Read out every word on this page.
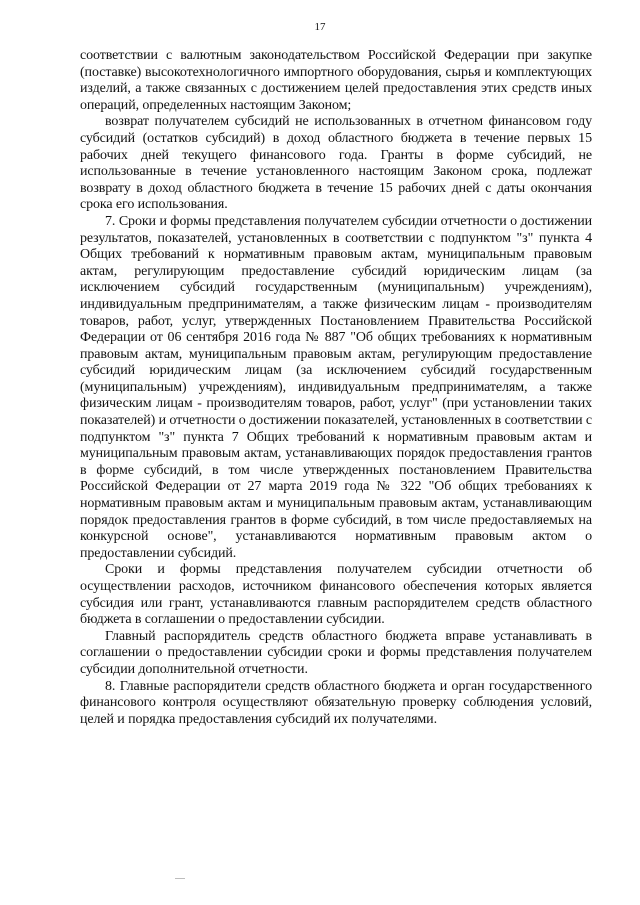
17

соответствии с валютным законодательством Российской Федерации при закупке (поставке) высокотехнологичного импортного оборудования, сырья и комплектующих изделий, а также связанных с достижением целей предоставления этих средств иных операций, определенных настоящим Законом;

возврат получателем субсидий не использованных в отчетном финансовом году субсидий (остатков субсидий) в доход областного бюджета в течение первых 15 рабочих дней текущего финансового года. Гранты в форме субсидий, не использованные в течение установленного настоящим Законом срока, подлежат возврату в доход областного бюджета в течение 15 рабочих дней с даты окончания срока его использования.

7. Сроки и формы представления получателем субсидии отчетности о достижении результатов, показателей, установленных в соответствии с подпунктом "з" пункта 4 Общих требований к нормативным правовым актам, муниципальным правовым актам, регулирующим предоставление субсидий юридическим лицам (за исключением субсидий государственным (муниципальным) учреждениям), индивидуальным предпринимателям, а также физическим лицам - производителям товаров, работ, услуг, утвержденных Постановлением Правительства Российской Федерации от 06 сентября 2016 года № 887 "Об общих требованиях к нормативным правовым актам, муниципальным правовым актам, регулирующим предоставление субсидий юридическим лицам (за исключением субсидий государственным (муниципальным) учреждениям), индивидуальным предпринимателям, а также физическим лицам - производителям товаров, работ, услуг" (при установлении таких показателей) и отчетности о достижении показателей, установленных в соответствии с подпунктом "з" пункта 7 Общих требований к нормативным правовым актам и муниципальным правовым актам, устанавливающих порядок предоставления грантов в форме субсидий, в том числе утвержденных постановлением Правительства Российской Федерации от 27 марта 2019 года № 322 "Об общих требованиях к нормативным правовым актам и муниципальным правовым актам, устанавливающим порядок предоставления грантов в форме субсидий, в том числе предоставляемых на конкурсной основе", устанавливаются нормативным правовым актом о предоставлении субсидий.

Сроки и формы представления получателем субсидии отчетности об осуществлении расходов, источником финансового обеспечения которых является субсидия или грант, устанавливаются главным распорядителем средств областного бюджета в соглашении о предоставлении субсидии.

Главный распорядитель средств областного бюджета вправе устанавливать в соглашении о предоставлении субсидии сроки и формы представления получателем субсидии дополнительной отчетности.

8. Главные распорядители средств областного бюджета и орган государственного финансового контроля осуществляют обязательную проверку соблюдения условий, целей и порядка предоставления субсидий их получателями.
